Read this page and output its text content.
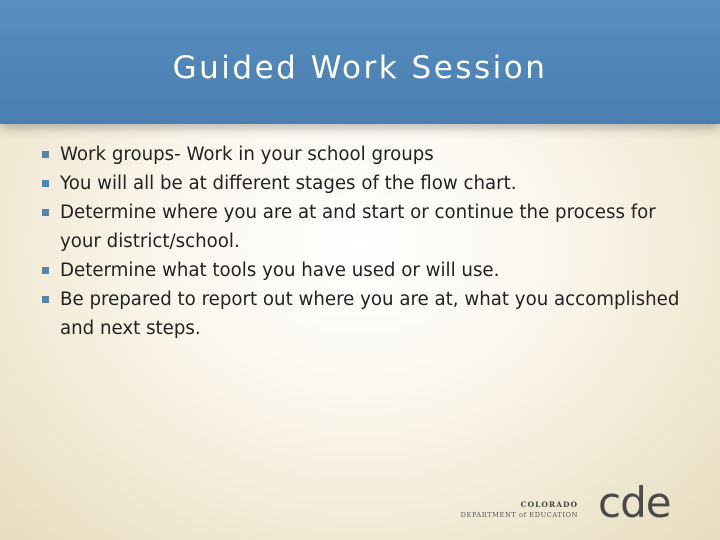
Guided Work Session
Work groups- Work in your school groups
You will all be at different stages of the flow chart.
Determine where you are at and start or continue the process for your district/school.
Determine what tools you have used or will use.
Be prepared to report out where you are at, what you accomplished and next steps.
COLORADO
DEPARTMENT of EDUCATION cde
